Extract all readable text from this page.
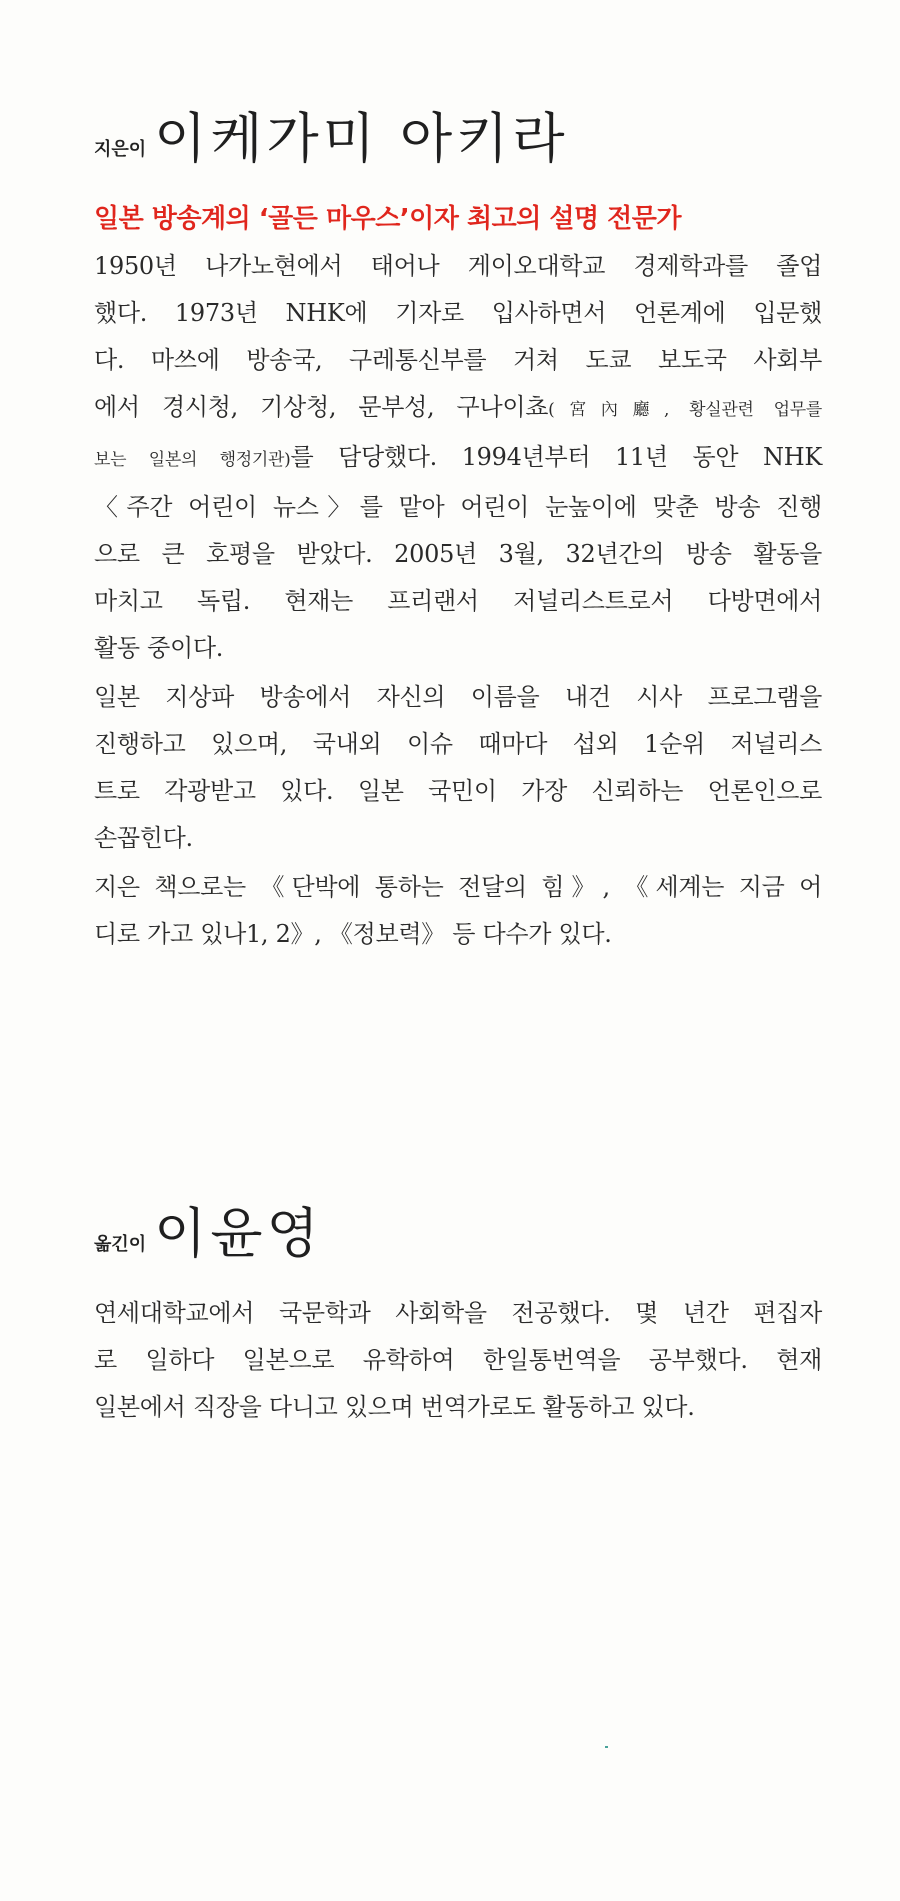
지은이 이케가미 아키라
일본 방송계의 ‘골든 마우스’이자 최고의 설명 전문가
1950년 나가노현에서 태어나 게이오대학교 경제학과를 졸업
했다. 1973년 NHK에 기자로 입사하면서 언론계에 입문했
다. 마쓰에 방송국, 구레통신부를 거쳐 도쿄 보도국 사회부
에서 경시청, 기상청, 문부성, 구나이쵸(宮內廳, 황실관련 업무를
보는 일본의 행정기관)를 담당했다. 1994년부터 11년 동안 NHK
〈주간 어린이 뉴스〉를 맡아 어린이 눈높이에 맞춘 방송 진행
으로 큰 호평을 받았다. 2005년 3월, 32년간의 방송 활동을
마치고 독립. 현재는 프리랜서 저널리스트로서 다방면에서
활동 중이다.
일본 지상파 방송에서 자신의 이름을 내건 시사 프로그램을
진행하고 있으며, 국내외 이슈 때마다 섭외 1순위 저널리스
트로 각광받고 있다. 일본 국민이 가장 신뢰하는 언론인으로
손꼽힌다.
지은 책으로는 《단박에 통하는 전달의 힘》, 《세계는 지금 어
디로 가고 있나1, 2》, 《정보력》 등 다수가 있다.
옮긴이 이윤영
연세대학교에서 국문학과 사회학을 전공했다. 몇 년간 편집자
로 일하다 일본으로 유학하여 한일통번역을 공부했다. 현재
일본에서 직장을 다니고 있으며 번역가로도 활동하고 있다.
